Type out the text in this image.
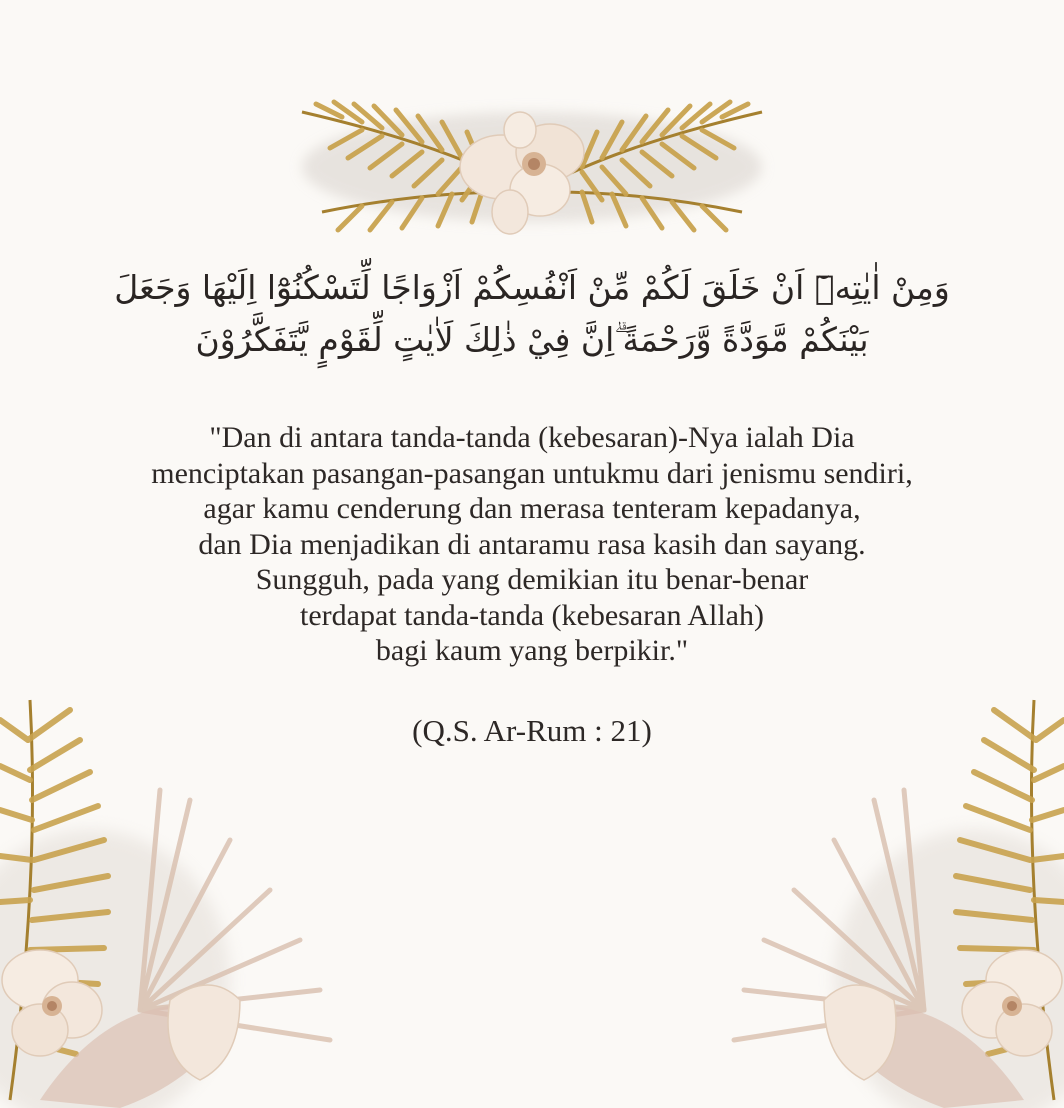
وَمِنْ اٰيٰتِهٖٓ اَنْ خَلَقَ لَكُمْ مِّنْ اَنْفُسِكُمْ اَزْوَاجًا لِّتَسْكُنُوْٓا اِلَيْهَا وَجَعَلَ
بَيْنَكُمْ مَّوَدَّةً وَّرَحْمَةً ۗاِنَّ فِيْ ذٰلِكَ لَاٰيٰتٍ لِّقَوْمٍ يَّتَفَكَّرُوْنَ
"Dan di antara tanda-tanda (kebesaran)-Nya ialah Dia
menciptakan pasangan-pasangan untukmu dari jenismu sendiri,
agar kamu cenderung dan merasa tenteram kepadanya,
dan Dia menjadikan di antaramu rasa kasih dan sayang.
Sungguh, pada yang demikian itu benar-benar
terdapat tanda-tanda (kebesaran Allah)
bagi kaum yang berpikir."
(Q.S. Ar-Rum : 21)
